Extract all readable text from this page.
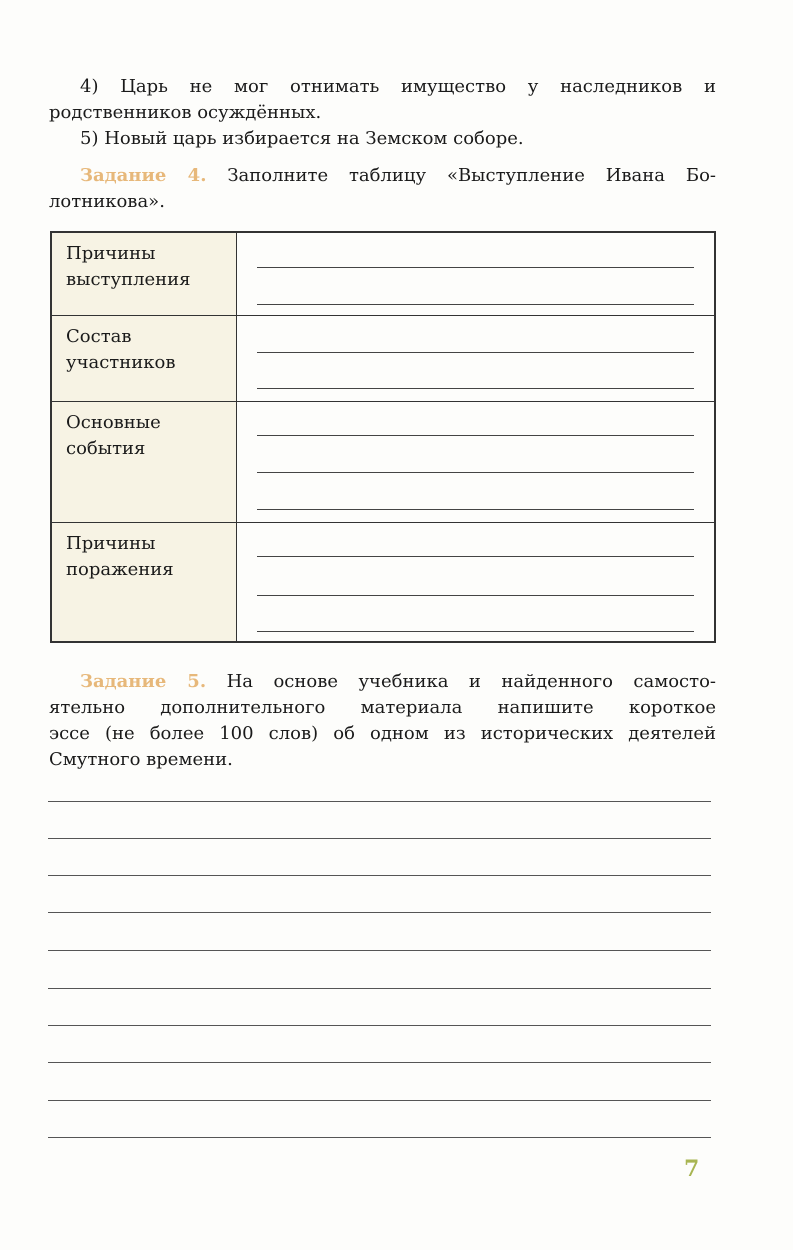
4) Царь не мог отнимать имущество у наследников и

родственников осуждённых.

5) Новый царь избирается на Земском соборе.

Задание 4. Заполните таблицу «Выступление Ивана Бо-

лотникова».

Причины
выступления
Состав
участников
Основные
события
Причины
поражения

Задание 5. На основе учебника и найденного самосто-

ятельно дополнительного материала напишите короткое

эссе (не более 100 слов) об одном из исторических деятелей

Смутного времени.

7
